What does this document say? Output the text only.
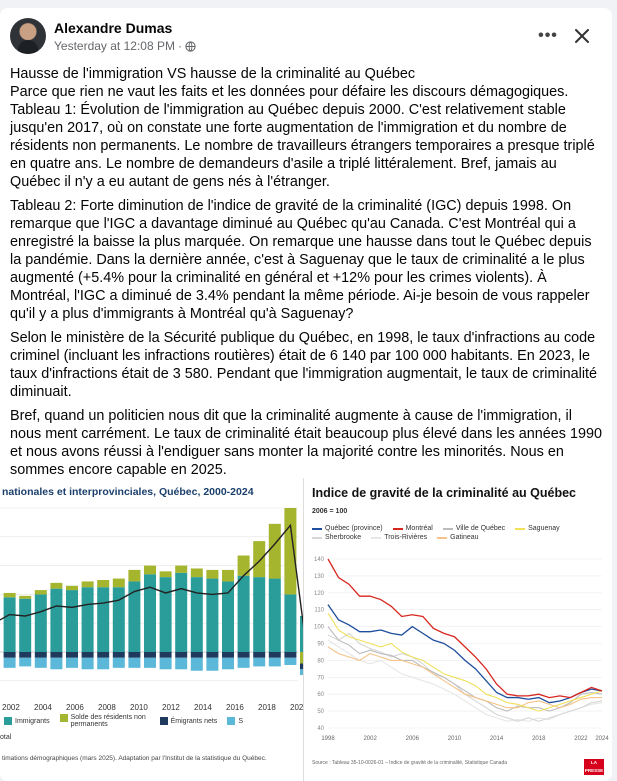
Alexandre Dumas
Yesterday at 12:08 PM ·
•••

Hausse de l'immigration VS hausse de la criminalité au Québec
Parce que rien ne vaut les faits et les données pour défaire les discours démagogiques.
Tableau 1: Évolution de l'immigration au Québec depuis 2000. C'est relativement stable jusqu'en 2017, où on constate une forte augmentation de l'immigration et du nombre de résidents non permanents. Le nombre de travailleurs étrangers temporaires a presque triplé en quatre ans. Le nombre de demandeurs d'asile a triplé littéralement. Bref, jamais au Québec il n'y a eu autant de gens nés à l'étranger.

Tableau 2: Forte diminution de l'indice de gravité de la criminalité (IGC) depuis 1998. On remarque que l'IGC a davantage diminué au Québec qu'au Canada. C'est Montréal qui a enregistré la baisse la plus marquée. On remarque une hausse dans tout le Québec depuis la pandémie. Dans la dernière année, c'est à Saguenay que le taux de criminalité a le plus augmenté (+5.4% pour la criminalité en général et +12% pour les crimes violents). À Montréal, l'IGC a diminué de 3.4% pendant la même période. Ai-je besoin de vous rappeler qu'il y a plus d'immigrants à Montréal qu'à Saguenay?

Selon le ministère de la Sécurité publique du Québec, en 1998, le taux d'infractions au code criminel (incluant les infractions routières) était de 6 140 par 100 000 habitants. En 2023, le taux d'infractions était de 3 580. Pendant que l'immigration augmentait, le taux de criminalité diminuait.

Bref, quand un politicien nous dit que la criminalité augmente à cause de l'immigration, il nous ment carrément. Le taux de criminalité était beaucoup plus élevé dans les années 1990 et nous avons réussi à l'endiguer sans monter la majorité contre les minorités. Nous en sommes encore capable en 2025.

nationales et interprovinciales, Québec, 2000-2024
2002 2004 2006 2008 2010 2012 2014 2016 2018 202
Immigrants	Solde des résidents non permanents	Émigrants nets	S
otal
timations démographiques (mars 2025). Adaptation par l'Institut de la statistique du Québec.
Indice de gravité de la criminalité au Québec
2006 = 100
Québec (province)	Montréal	Ville de Québec	Saguenay
Sherbrooke	Trois-Rivières	Gatineau
140
130
120
110
100
90
80
70
60
50
40
1998	2002	2006	2010	2014	2018	2022 2024
Source : Tableau 35-10-0026-01 – Indice de gravité de la criminalité, Statistique Canada	LA
PRESSE
